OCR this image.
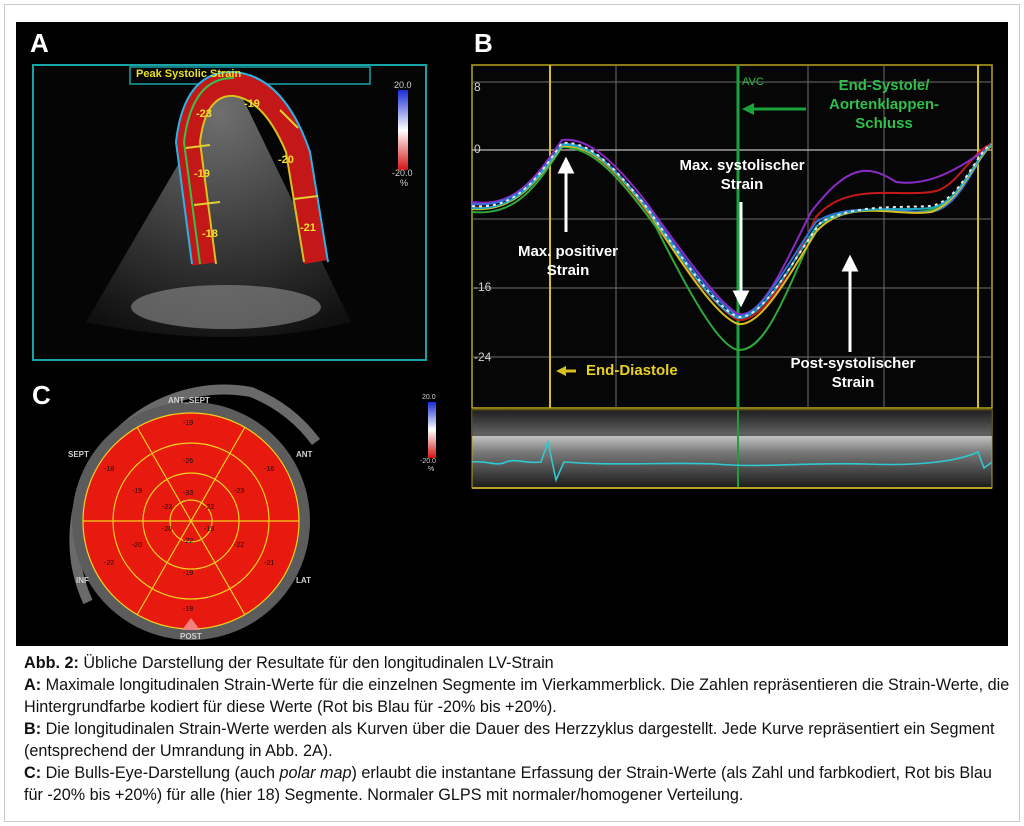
A	B
C
Peak Systolic Strain
20.0
-20.0
%
-23
-19
-18
-19
-20
-21
8
0
-16
-24
AVC	End-Systole/
Aortenklappen-
Schluss
Max. systolischer
Strain
Max. positiver
Strain
End-Diastole	Post-systolischer
Strain
ANT_SEPT
SEPT	ANT
INF	LAT
POST
20.0
-20.0
%
-19
-16
-21
-18
-22
-18
-26
-23
-22
-19
-20
-19	-33
-22
-19
-22
-20
-23

Abb. 2: Übliche Darstellung der Resultate für den longitudinalen LV-Strain

A: Maximale longitudinalen Strain-Werte für die einzelnen Segmente im Vierkammerblick. Die Zahlen repräsentieren die Strain-Werte, die Hintergrundfarbe kodiert für diese Werte (Rot bis Blau für -20% bis +20%).

B: Die longitudinalen Strain-Werte werden als Kurven über die Dauer des Herzzyklus dargestellt. Jede Kurve repräsentiert ein Segment (entsprechend der Umrandung in Abb. 2A).

C: Die Bulls-Eye-Darstellung (auch polar map) erlaubt die instantane Erfassung der Strain-Werte (als Zahl und farbkodiert, Rot bis Blau für -20% bis +20%) für alle (hier 18) Segmente. Normaler GLPS mit normaler/homogener Verteilung.
